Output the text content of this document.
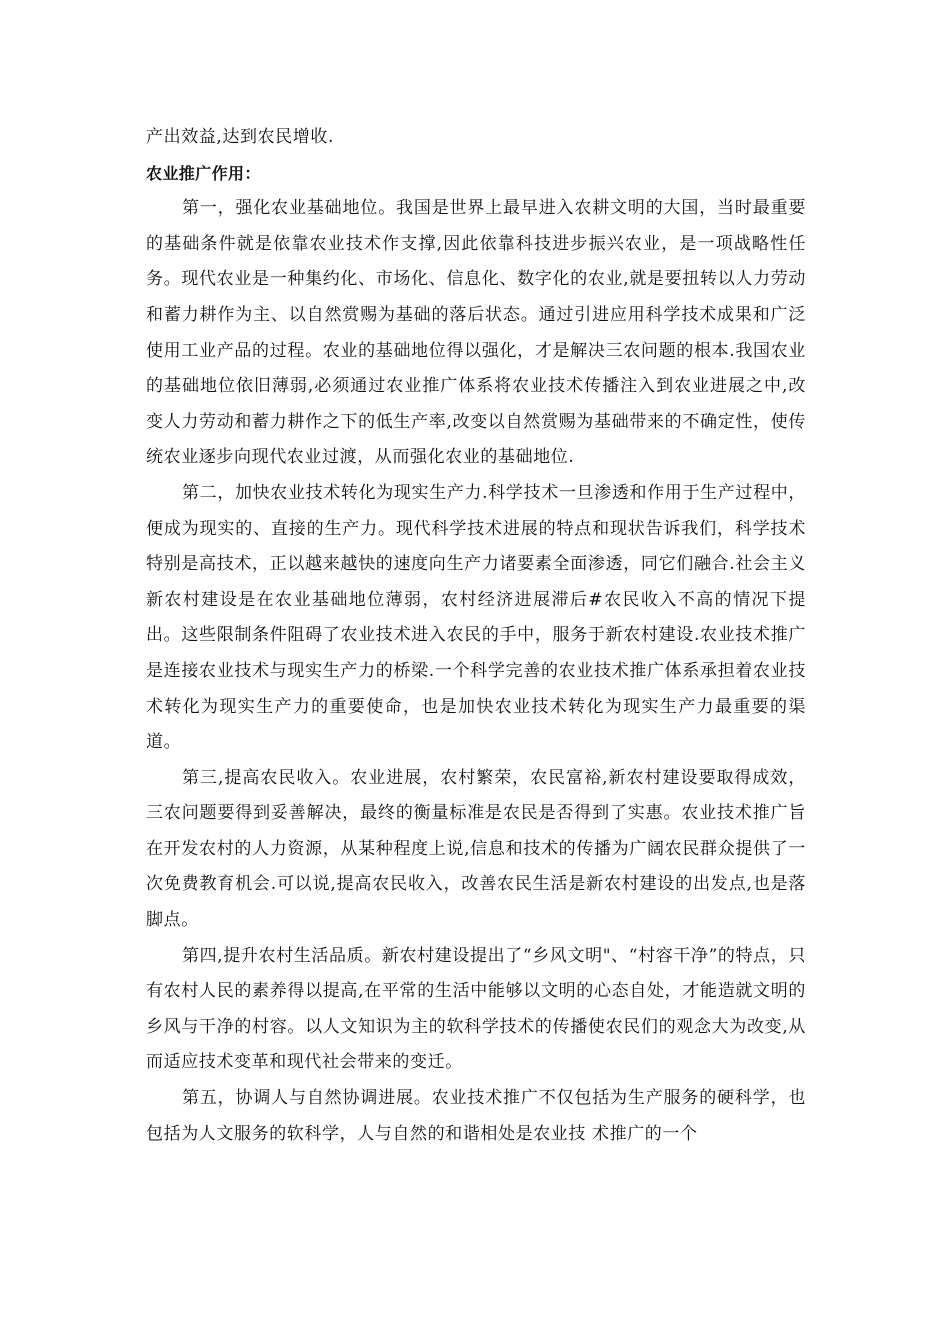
产出效益,达到农民增收.

农业推广作用：

第一，强化农业基础地位。我国是世界上最早进入农耕文明的大国，当时最重要的基础条件就是依靠农业技术作支撑,因此依靠科技进步振兴农业，是一项战略性任务。现代农业是一种集约化、市场化、信息化、数字化的农业,就是要扭转以人力劳动和蓄力耕作为主、以自然赏赐为基础的落后状态。通过引进应用科学技术成果和广泛使用工业产品的过程。农业的基础地位得以强化，才是解决三农问题的根本.我国农业的基础地位依旧薄弱,必须通过农业推广体系将农业技术传播注入到农业进展之中,改变人力劳动和蓄力耕作之下的低生产率,改变以自然赏赐为基础带来的不确定性，使传统农业逐步向现代农业过渡，从而强化农业的基础地位.

第二，加快农业技术转化为现实生产力.科学技术一旦渗透和作用于生产过程中，便成为现实的、直接的生产力。现代科学技术进展的特点和现状告诉我们，科学技术特别是高技术，正以越来越快的速度向生产力诸要素全面渗透，同它们融合.社会主义新农村建设是在农业基础地位薄弱，农村经济进展滞后#农民收入不高的情况下提出。这些限制条件阻碍了农业技术进入农民的手中，服务于新农村建设.农业技术推广是连接农业技术与现实生产力的桥梁.一个科学完善的农业技术推广体系承担着农业技术转化为现实生产力的重要使命，也是加快农业技术转化为现实生产力最重要的渠道。

第三,提高农民收入。农业进展，农村繁荣，农民富裕,新农村建设要取得成效，三农问题要得到妥善解决，最终的衡量标准是农民是否得到了实惠。农业技术推广旨在开发农村的人力资源，从某种程度上说,信息和技术的传播为广阔农民群众提供了一次免费教育机会.可以说,提高农民收入，改善农民生活是新农村建设的出发点,也是落脚点。

第四,提升农村生活品质。新农村建设提出了“乡风文明"、“村容干净”的特点，只有农村人民的素养得以提高,在平常的生活中能够以文明的心态自处，才能造就文明的乡风与干净的村容。以人文知识为主的软科学技术的传播使农民们的观念大为改变,从而适应技术变革和现代社会带来的变迁。

第五，协调人与自然协调进展。农业技术推广不仅包括为生产服务的硬科学，也包括为人文服务的软科学，人与自然的和谐相处是农业技 术推广的一个
